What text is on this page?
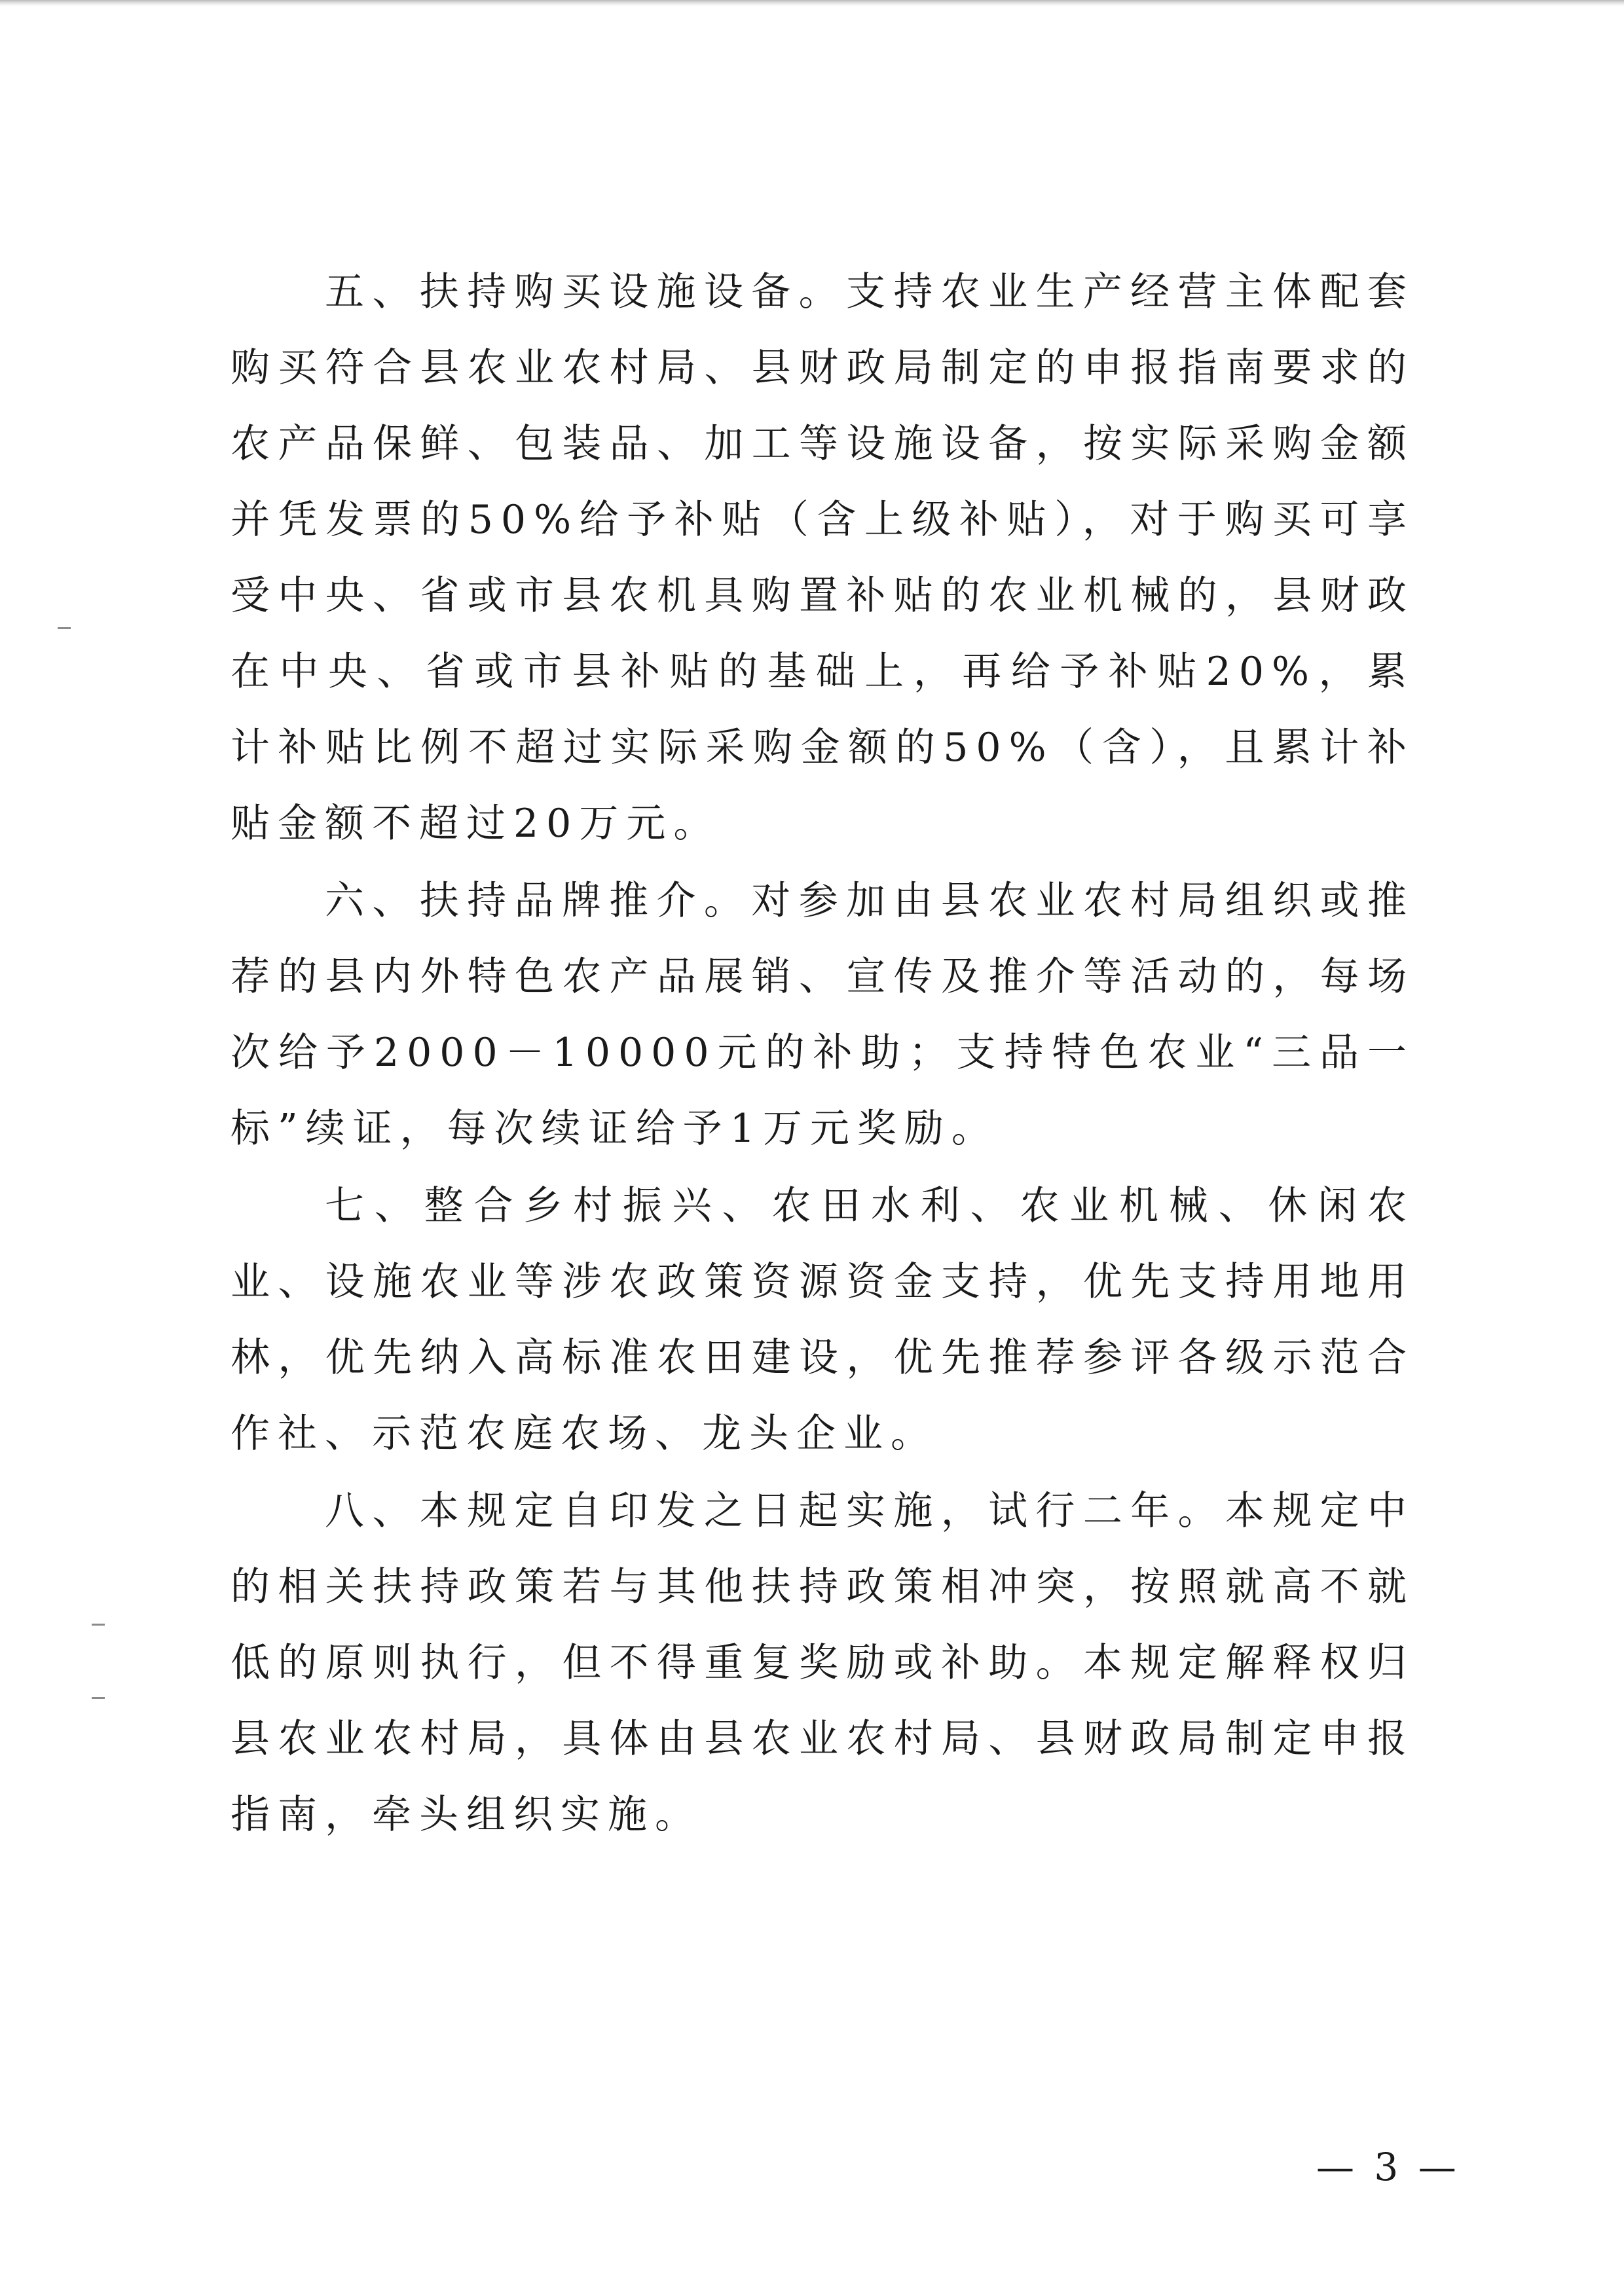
五、扶持购买设施设备。支持农业生产经营主体配套购买符合县农业农村局、县财政局制定的申报指南要求的农产品保鲜、包装品、加工等设施设备，按实际采购金额并凭发票的50%给予补贴（含上级补贴），对于购买可享受中央、省或市县农机具购置补贴的农业机械的，县财政在中央、省或市县补贴的基础上，再给予补贴20%，累计补贴比例不超过实际采购金额的50%（含），且累计补贴金额不超过20万元。

六、扶持品牌推介。对参加由县农业农村局组织或推荐的县内外特色农产品展销、宣传及推介等活动的，每场次给予2000－10000元的补助；支持特色农业“三品一标”续证，每次续证给予1万元奖励。

七、整合乡村振兴、农田水利、农业机械、休闲农业、设施农业等涉农政策资源资金支持，优先支持用地用林，优先纳入高标准农田建设，优先推荐参评各级示范合作社、示范农庭农场、龙头企业。

八、本规定自印发之日起实施，试行二年。本规定中的相关扶持政策若与其他扶持政策相冲突，按照就高不就低的原则执行，但不得重复奖励或补助。本规定解释权归县农业农村局，具体由县农业农村局、县财政局制定申报指南，牵头组织实施。

— 3 —
